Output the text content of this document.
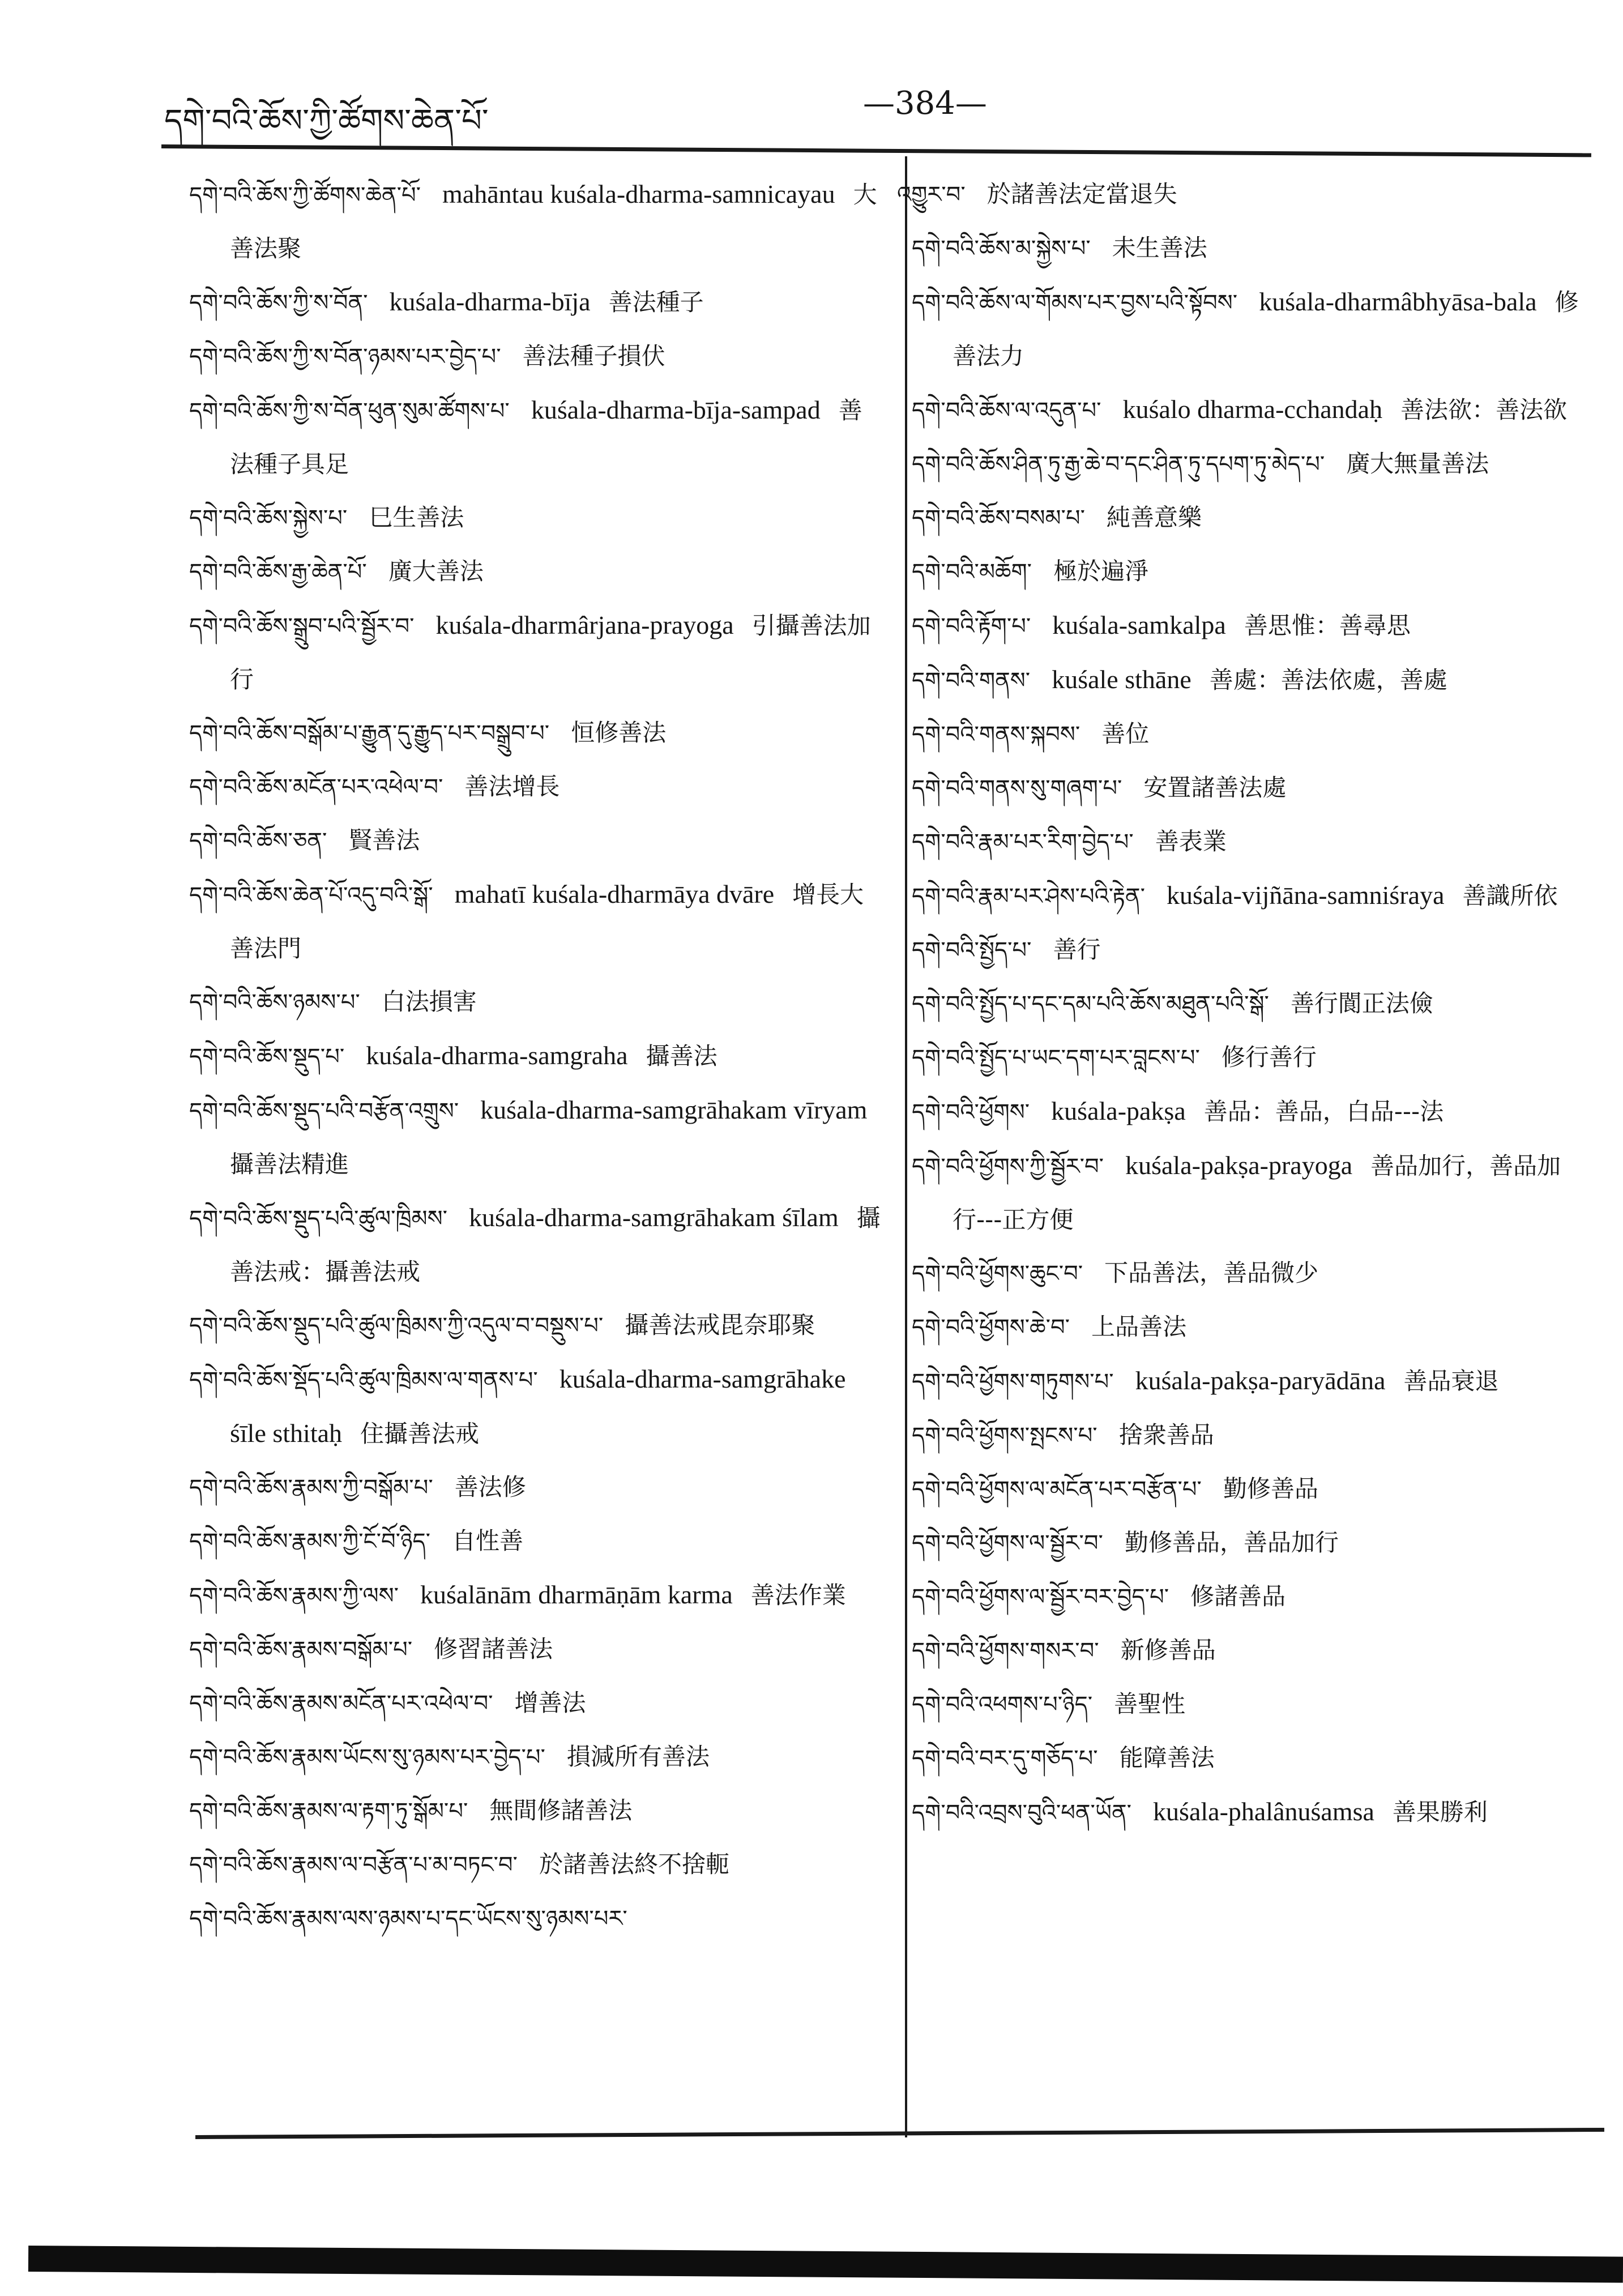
དགེ་བའི་ཆོས་ཀྱི་ཚོགས་ཆེན་པོ་	—384—

དགེ་བའི་ཆོས་ཀྱི་ཚོགས་ཆེན་པོ་ mahāntau kuśala-dharma-samnicayau 大善法聚

དགེ་བའི་ཆོས་ཀྱི་ས་བོན་ kuśala-dharma-bīja 善法種子

དགེ་བའི་ཆོས་ཀྱི་ས་བོན་ཉམས་པར་བྱེད་པ་ 善法種子損伏

དགེ་བའི་ཆོས་ཀྱི་ས་བོན་ཕུན་སུམ་ཚོགས་པ་ kuśala-dharma-bīja-sampad 善法種子具足

དགེ་བའི་ཆོས་སྐྱེས་པ་ 巳生善法

དགེ་བའི་ཆོས་རྒྱ་ཆེན་པོ་ 廣大善法

དགེ་བའི་ཆོས་སྒྲུབ་པའི་སྦྱོར་བ་ kuśala-dharmârjana-prayoga 引攝善法加行

དགེ་བའི་ཆོས་བསྒོམ་པ་རྒྱུན་དུ་རྒྱུད་པར་བསྒྲུབ་པ་ 恒修善法

དགེ་བའི་ཆོས་མངོན་པར་འཕེལ་བ་ 善法增長

དགེ་བའི་ཆོས་ཅན་ 賢善法

དགེ་བའི་ཆོས་ཆེན་པོ་འདུ་བའི་སྒོ་ mahatī kuśala-dharmāya dvāre 增長大善法門

དགེ་བའི་ཆོས་ཉམས་པ་ 白法損害

དགེ་བའི་ཆོས་སྡུད་པ་ kuśala-dharma-samgraha 攝善法

དགེ་བའི་ཆོས་སྡུད་པའི་བརྩོན་འགྲུས་ kuśala-dharma-samgrāhakam vīryam 攝善法精進

དགེ་བའི་ཆོས་སྡུད་པའི་ཚུལ་ཁྲིམས་ kuśala-dharma-samgrāhakam śīlam 攝善法戒：攝善法戒

དགེ་བའི་ཆོས་སྡུད་པའི་ཚུལ་ཁྲིམས་ཀྱི་འདུལ་བ་བསྡུས་པ་ 攝善法戒毘奈耶聚

དགེ་བའི་ཆོས་སྡོད་པའི་ཚུལ་ཁྲིམས་ལ་གནས་པ་ kuśala-dharma-samgrāhake śīle sthitaḥ 住攝善法戒

དགེ་བའི་ཆོས་རྣམས་ཀྱི་བསྒོམ་པ་ 善法修

དགེ་བའི་ཆོས་རྣམས་ཀྱི་ངོ་བོ་ཉིད་ 自性善

དགེ་བའི་ཆོས་རྣམས་ཀྱི་ལས་ kuśalānām dharmāṇām karma 善法作業

དགེ་བའི་ཆོས་རྣམས་བསྒོམ་པ་ 修習諸善法

དགེ་བའི་ཆོས་རྣམས་མངོན་པར་འཕེལ་བ་ 增善法

དགེ་བའི་ཆོས་རྣམས་ཡོངས་སུ་ཉམས་པར་བྱེད་པ་ 損減所有善法

དགེ་བའི་ཆོས་རྣམས་ལ་རྟག་ཏུ་སྒོམ་པ་ 無間修諸善法

དགེ་བའི་ཆོས་རྣམས་ལ་བརྩོན་པ་མ་བཏང་བ་ 於諸善法終不捨軛

དགེ་བའི་ཆོས་རྣམས་ལས་ཉམས་པ་དང་ཡོངས་སུ་ཉམས་པར་

འགྱུར་བ་ 於諸善法定當退失

དགེ་བའི་ཆོས་མ་སྐྱེས་པ་ 未生善法

དགེ་བའི་ཆོས་ལ་གོམས་པར་བྱས་པའི་སྟོབས་ kuśala-dharmâbhyāsa-bala 修善法力

དགེ་བའི་ཆོས་ལ་འདུན་པ་ kuśalo dharma-cchandaḥ 善法欲：善法欲

དགེ་བའི་ཆོས་ཤིན་ཏུ་རྒྱ་ཆེ་བ་དང་ཤིན་ཏུ་དཔག་ཏུ་མེད་པ་ 廣大無量善法

དགེ་བའི་ཆོས་བསམ་པ་ 純善意樂

དགེ་བའི་མཆོག་ 極於遍淨

དགེ་བའི་རྟོག་པ་ kuśala-samkalpa 善思惟：善尋思

དགེ་བའི་གནས་ kuśale sthāne 善處：善法依處，善處

དགེ་བའི་གནས་སྐབས་ 善位

དགེ་བའི་གནས་སུ་གཞག་པ་ 安置諸善法處

དགེ་བའི་རྣམ་པར་རིག་བྱེད་པ་ 善表業

དགེ་བའི་རྣམ་པར་ཤེས་པའི་རྟེན་ kuśala-vijñāna-samniśraya 善識所依

དགེ་བའི་སྤྱོད་པ་ 善行

དགེ་བའི་སྤྱོད་པ་དང་དམ་པའི་ཆོས་མཐུན་པའི་སྒོ་ 善行閬正法儉

དགེ་བའི་སྤྱོད་པ་ཡང་དག་པར་བླངས་པ་ 修行善行

དགེ་བའི་ཕྱོགས་ kuśala-pakṣa 善品：善品，白品---法

དགེ་བའི་ཕྱོགས་ཀྱི་སྦྱོར་བ་ kuśala-pakṣa-prayoga 善品加行，善品加行---正方便

དགེ་བའི་ཕྱོགས་ཆུང་བ་ 下品善法，善品微少

དགེ་བའི་ཕྱོགས་ཆེ་བ་ 上品善法

དགེ་བའི་ཕྱོགས་གཏུགས་པ་ kuśala-pakṣa-paryādāna 善品衰退

དགེ་བའི་ཕྱོགས་སྤངས་པ་ 捨衆善品

དགེ་བའི་ཕྱོགས་ལ་མངོན་པར་བརྩོན་པ་ 勤修善品

དགེ་བའི་ཕྱོགས་ལ་སྦྱོར་བ་ 勤修善品，善品加行

དགེ་བའི་ཕྱོགས་ལ་སྦྱོར་བར་བྱེད་པ་ 修諸善品

དགེ་བའི་ཕྱོགས་གསར་བ་ 新修善品

དགེ་བའི་འཕགས་པ་ཉིད་ 善聖性

དགེ་བའི་བར་དུ་གཅོད་པ་ 能障善法

དགེ་བའི་འབྲས་བུའི་ཕན་ཡོན་ kuśala-phalânuśamsa 善果勝利
